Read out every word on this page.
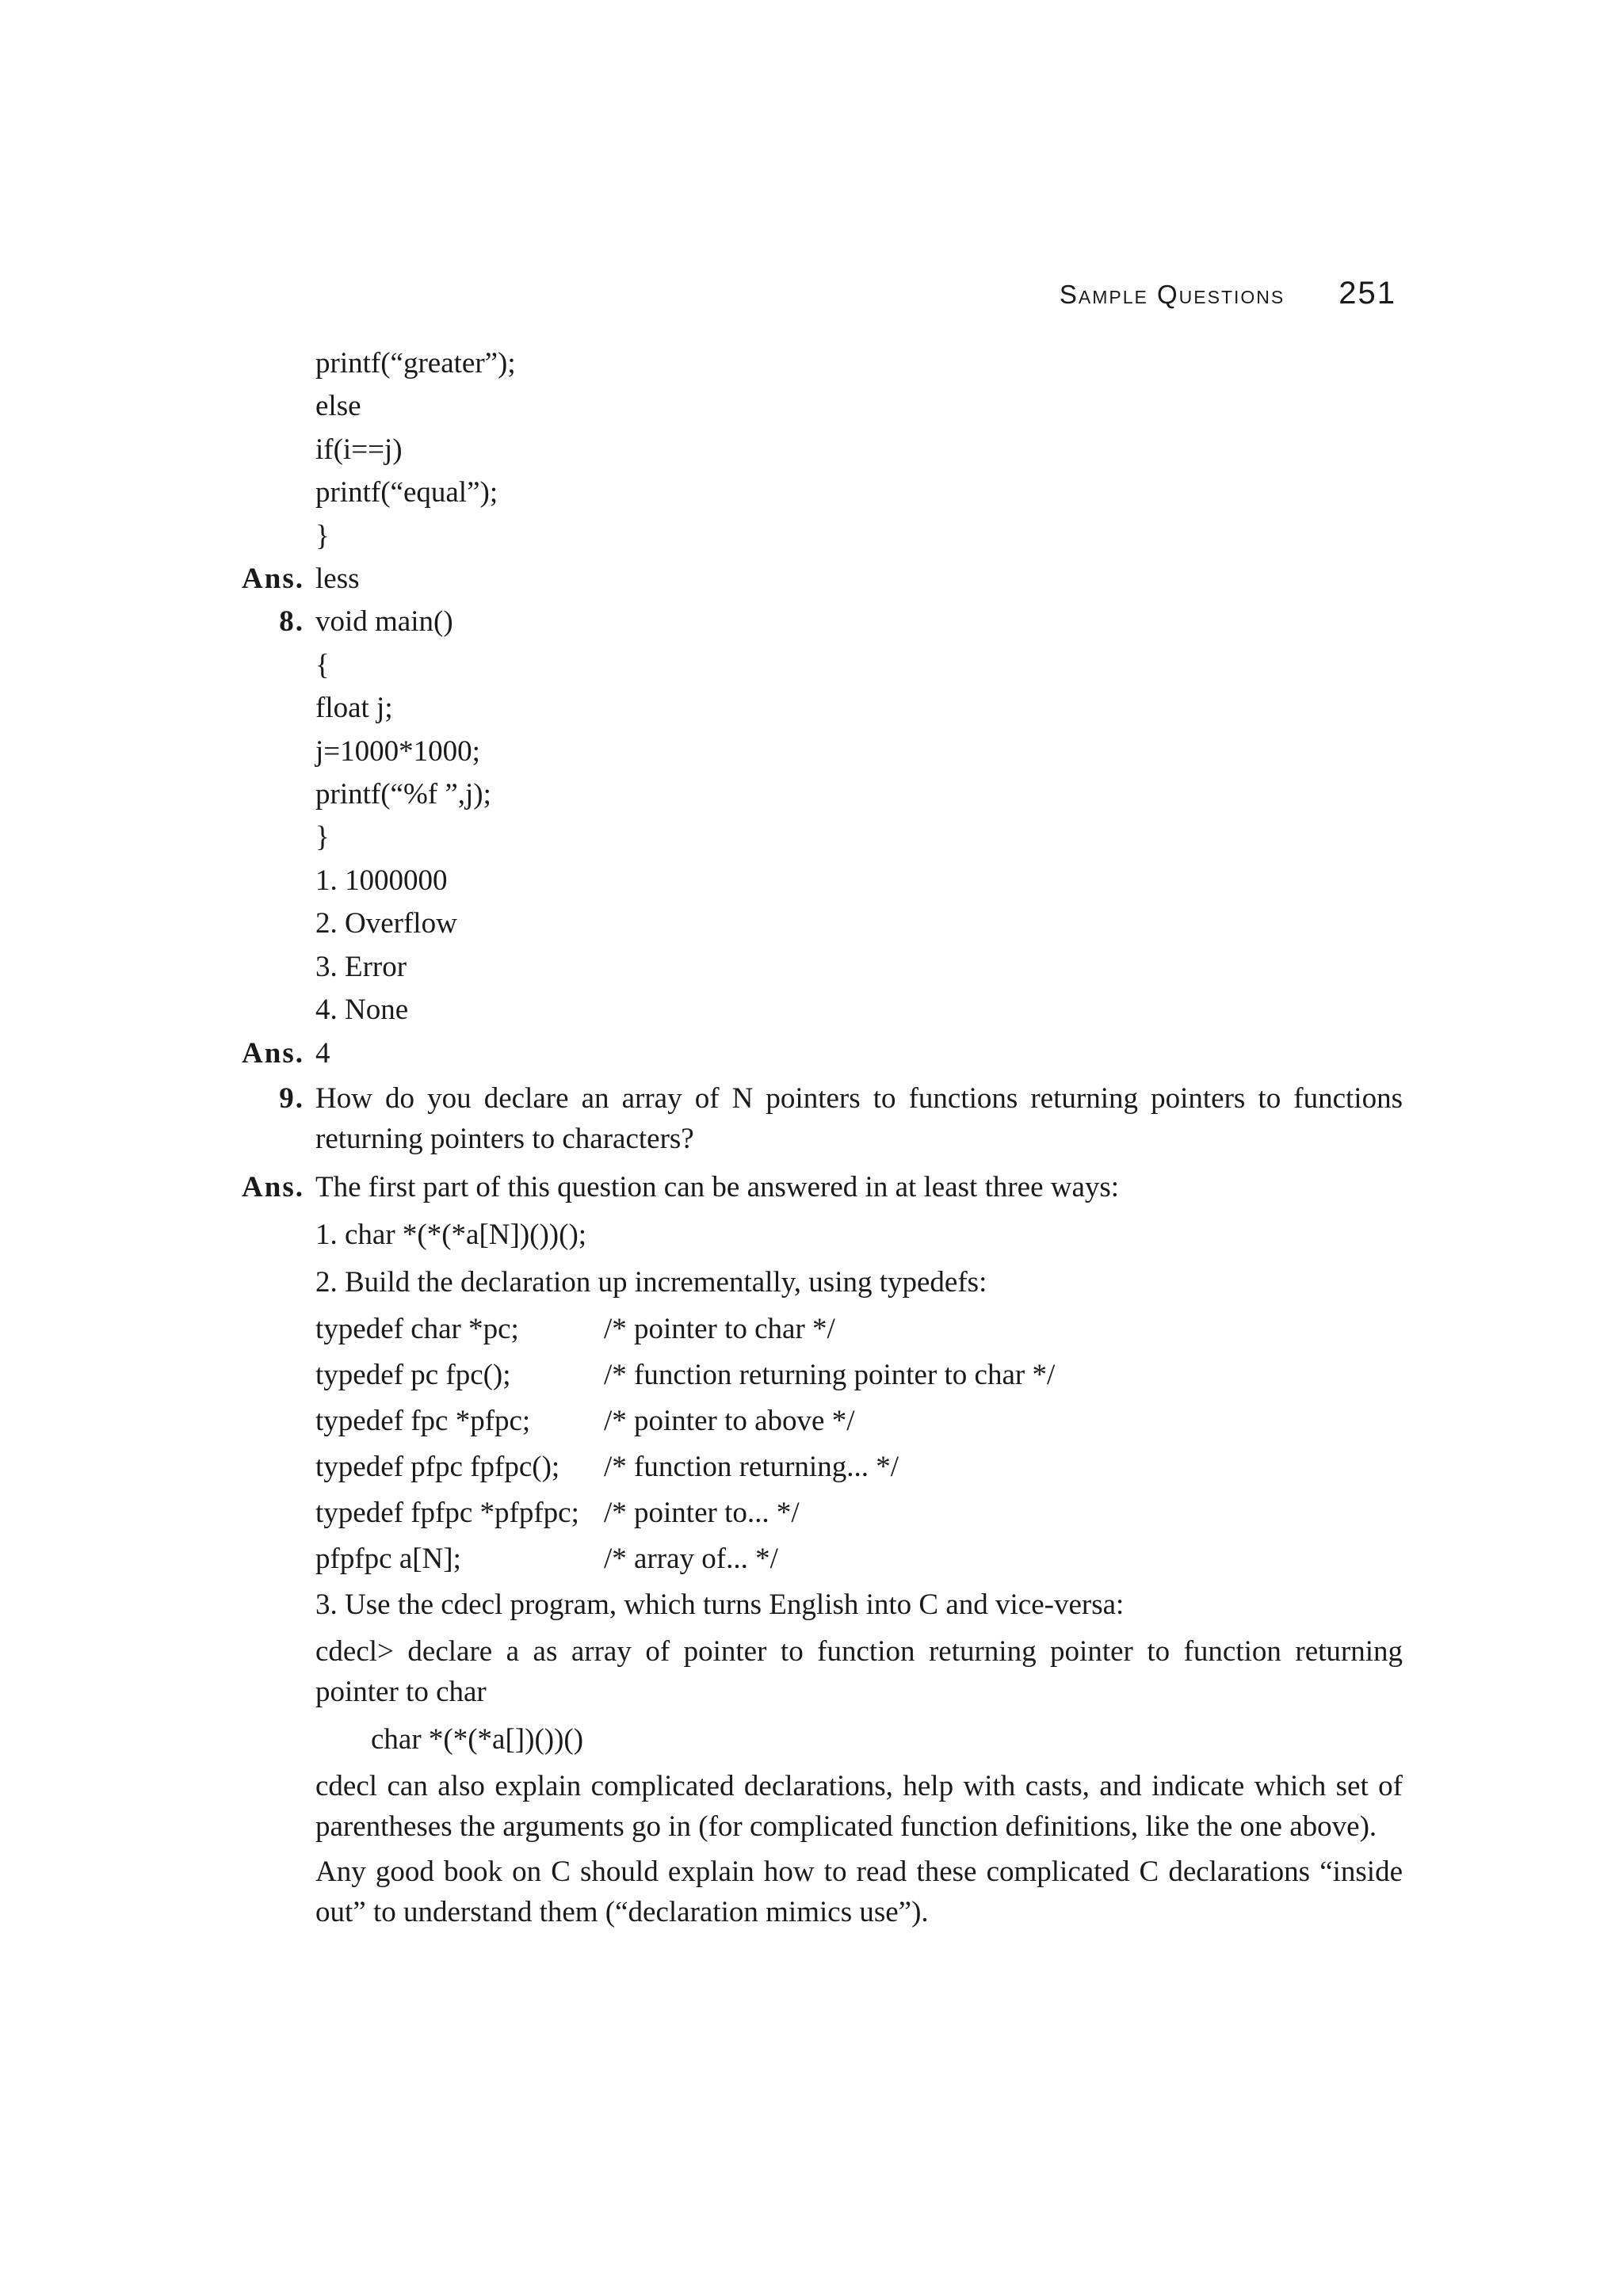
Sample Questions 251
printf(“greater”);
else
if(i==j)
printf(“equal”);
}
Ans. less
8. void main()
{
float j;
j=1000*1000;
printf(“%f ”,j);
}
1. 1000000
2. Overflow
3. Error
4. None
Ans. 4
9. How do you declare an array of N pointers to functions returning pointers to functions returning pointers to characters?
Ans. The first part of this question can be answered in at least three ways:
1. char *(*(*a[N])())();
2. Build the declaration up incrementally, using typedefs:
typedef char *pc;	/* pointer to char */
typedef pc fpc();	/* function returning pointer to char */
typedef fpc *pfpc;	/* pointer to above */
typedef pfpc fpfpc(); /* function returning... */
typedef fpfpc *pfpfpc; /* pointer to... */
pfpfpc a[N];	/* array of... */
3. Use the cdecl program, which turns English into C and vice-versa:
cdecl> declare a as array of pointer to function returning pointer to function returning pointer to char
char *(*(*a[])())()
cdecl can also explain complicated declarations, help with casts, and indicate which set of parentheses the arguments go in (for complicated function definitions, like the one above).
Any good book on C should explain how to read these complicated C declarations “inside out” to understand them (“declaration mimics use”).
